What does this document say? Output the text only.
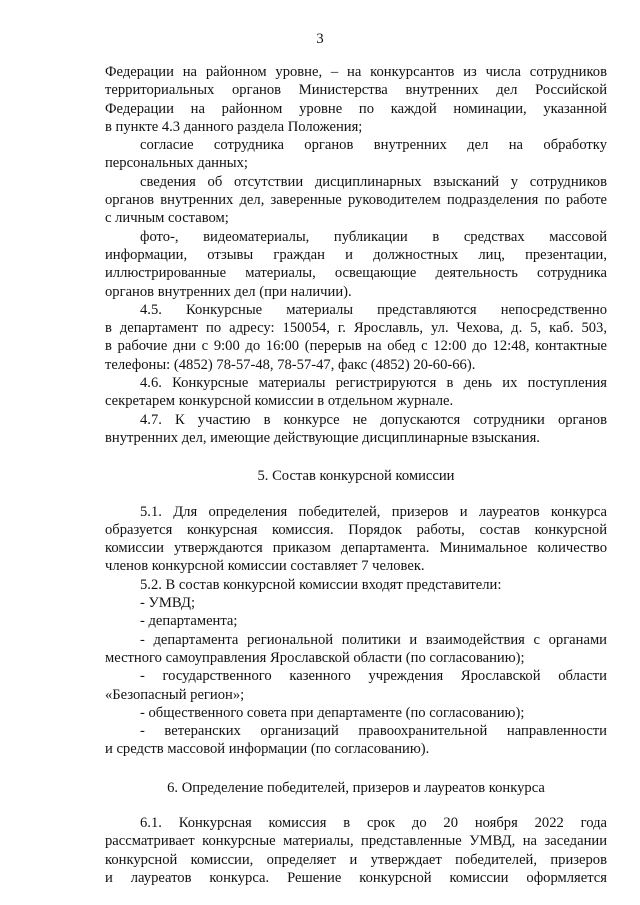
3
Федерации на районном уровне, – на конкурсантов из числа сотрудников
территориальных органов Министерства внутренних дел Российской
Федерации на районном уровне по каждой номинации, указанной
в пункте 4.3 данного раздела Положения;
согласие сотрудника органов внутренних дел на обработку
персональных данных;
сведения об отсутствии дисциплинарных взысканий у сотрудников
органов внутренних дел, заверенные руководителем подразделения по работе
с личным составом;
фото-, видеоматериалы, публикации в средствах массовой
информации, отзывы граждан и должностных лиц, презентации,
иллюстрированные материалы, освещающие деятельность сотрудника
органов внутренних дел (при наличии).
4.5. Конкурсные материалы представляются непосредственно
в департамент по адресу: 150054, г. Ярославль, ул. Чехова, д. 5, каб. 503,
в рабочие дни с 9:00 до 16:00 (перерыв на обед с 12:00 до 12:48, контактные
телефоны: (4852) 78-57-48, 78-57-47, факс (4852) 20-60-66).
4.6. Конкурсные материалы регистрируются в день их поступления
секретарем конкурсной комиссии в отдельном журнале.
4.7. К участию в конкурсе не допускаются сотрудники органов
внутренних дел, имеющие действующие дисциплинарные взыскания.
5. Состав конкурсной комиссии
5.1. Для определения победителей, призеров и лауреатов конкурса
образуется конкурсная комиссия. Порядок работы, состав конкурсной
комиссии утверждаются приказом департамента. Минимальное количество
членов конкурсной комиссии составляет 7 человек.
5.2. В состав конкурсной комиссии входят представители:
- УМВД;
- департамента;
- департамента региональной политики и взаимодействия с органами
местного самоуправления Ярославской области (по согласованию);
- государственного казенного учреждения Ярославской области
«Безопасный регион»;
- общественного совета при департаменте (по согласованию);
- ветеранских организаций правоохранительной направленности
и средств массовой информации (по согласованию).
6. Определение победителей, призеров и лауреатов конкурса
6.1. Конкурсная комиссия в срок до 20 ноября 2022 года
рассматривает конкурсные материалы, представленные УМВД, на заседании
конкурсной комиссии, определяет и утверждает победителей, призеров
и лауреатов конкурса. Решение конкурсной комиссии оформляется
